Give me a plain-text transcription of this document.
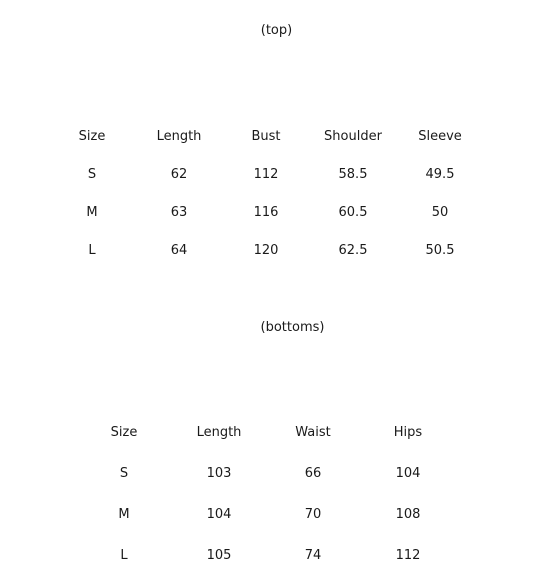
(top)
Size	Length	Bust	Shoulder	Sleeve
S	62	112	58.5	49.5
M	63	116	60.5	50
L	64	120	62.5	50.5
(bottoms)
Size	Length	Waist	Hips
S	103	66	104
M	104	70	108
L	105	74	112
